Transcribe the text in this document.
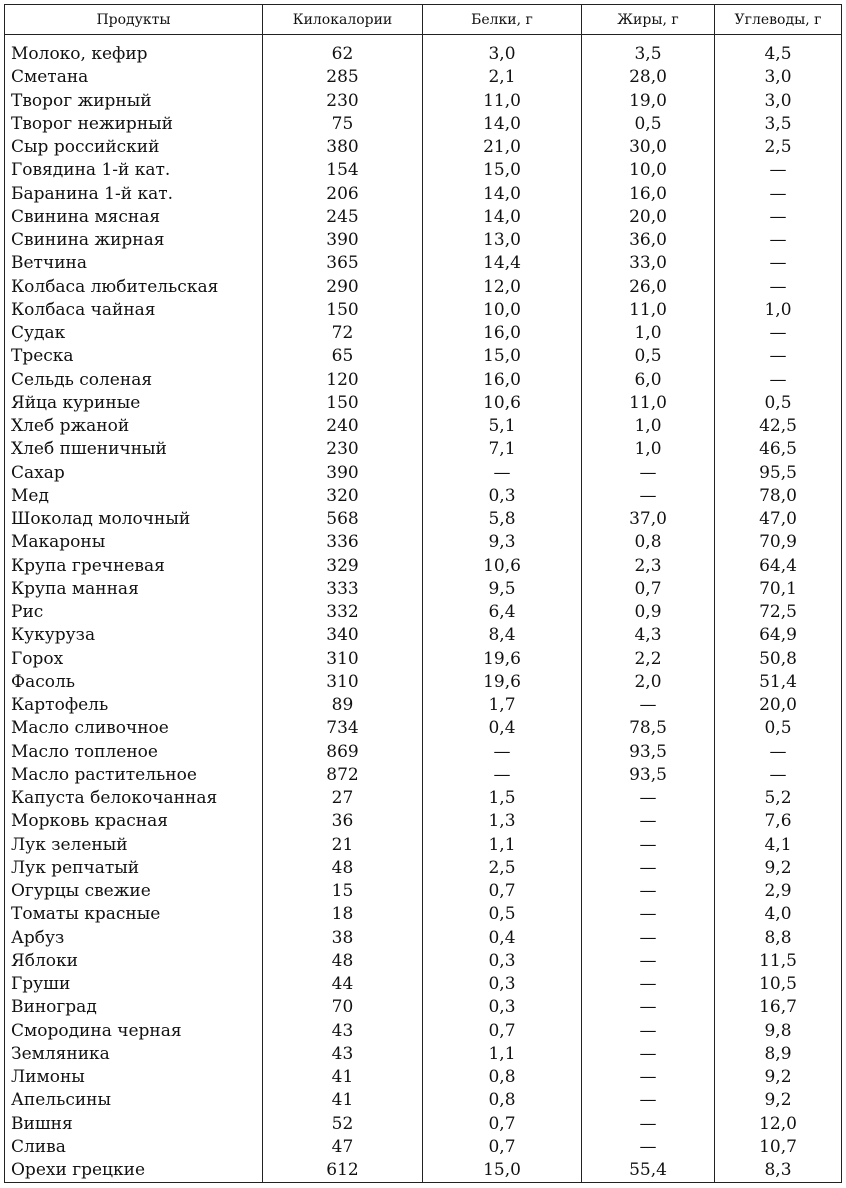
Продукты	Килокалории	Белки, г	Жиры, г	Углеводы, г
Молоко, кефир	62	3,0	3,5	4,5
Сметана	285	2,1	28,0	3,0
Творог жирный	230	11,0	19,0	3,0
Творог нежирный	75	14,0	0,5	3,5
Сыр российский	380	21,0	30,0	2,5
Говядина 1-й кат.	154	15,0	10,0	—
Баранина 1-й кат.	206	14,0	16,0	—
Свинина мясная	245	14,0	20,0	—
Свинина жирная	390	13,0	36,0	—
Ветчина	365	14,4	33,0	—
Колбаса любительская	290	12,0	26,0	—
Колбаса чайная	150	10,0	11,0	1,0
Судак	72	16,0	1,0	—
Треска	65	15,0	0,5	—
Сельдь соленая	120	16,0	6,0	—
Яйца куриные	150	10,6	11,0	0,5
Хлеб ржаной	240	5,1	1,0	42,5
Хлеб пшеничный	230	7,1	1,0	46,5
Сахар	390	—	—	95,5
Мед	320	0,3	—	78,0
Шоколад молочный	568	5,8	37,0	47,0
Макароны	336	9,3	0,8	70,9
Крупа гречневая	329	10,6	2,3	64,4
Крупа манная	333	9,5	0,7	70,1
Рис	332	6,4	0,9	72,5
Кукуруза	340	8,4	4,3	64,9
Горох	310	19,6	2,2	50,8
Фасоль	310	19,6	2,0	51,4
Картофель	89	1,7	—	20,0
Масло сливочное	734	0,4	78,5	0,5
Масло топленое	869	—	93,5	—
Масло растительное	872	—	93,5	—
Капуста белокочанная	27	1,5	—	5,2
Морковь красная	36	1,3	—	7,6
Лук зеленый	21	1,1	—	4,1
Лук репчатый	48	2,5	—	9,2
Огурцы свежие	15	0,7	—	2,9
Томаты красные	18	0,5	—	4,0
Арбуз	38	0,4	—	8,8
Яблоки	48	0,3	—	11,5
Груши	44	0,3	—	10,5
Виноград	70	0,3	—	16,7
Смородина черная	43	0,7	—	9,8
Земляника	43	1,1	—	8,9
Лимоны	41	0,8	—	9,2
Апельсины	41	0,8	—	9,2
Вишня	52	0,7	—	12,0
Слива	47	0,7	—	10,7
Орехи грецкие	612	15,0	55,4	8,3
